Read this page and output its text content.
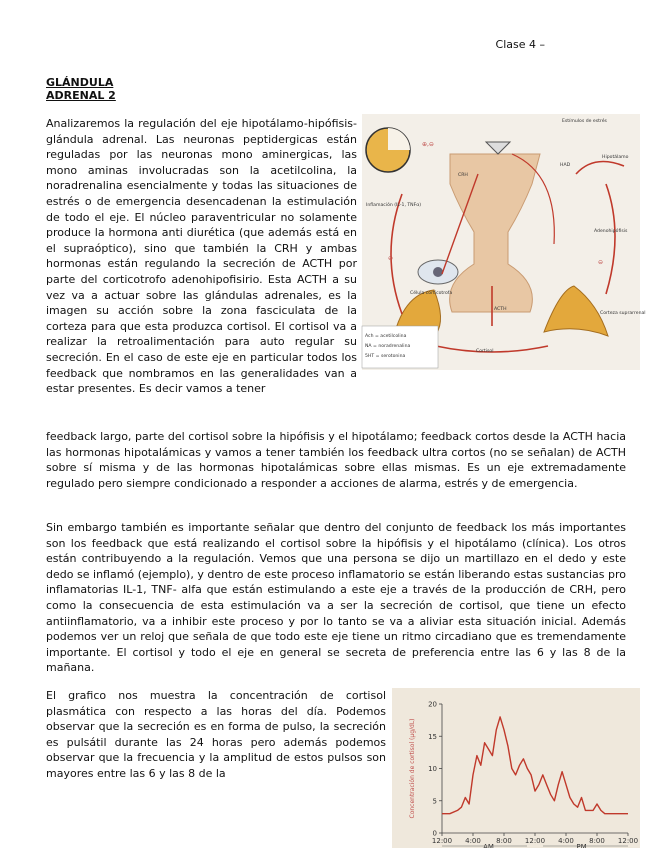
Clase 4 –
GLÁNDULA
ADRENAL 2

Analizaremos la regulación del eje hipotálamo-hipófisis- glándula adrenal. Las neuronas peptidergicas están reguladas por las neuronas mono aminergicas, las mono aminas involucradas son la acetilcolina, la noradrenalina esencialmente y todas las situaciones de estrés o de emergencia desencadenan la estimulación de todo el eje. El núcleo paraventricular no solamente produce la hormona anti diurética (que además está en el supraóptico), sino que también la CRH y ambas hormonas están regulando la secreción de ACTH por parte del corticotrofo adenohipofisirio. Esta ACTH a su vez va a actuar sobre las glándulas adrenales, es la imagen su acción sobre la zona fasciculata de la corteza para que esta produzca cortisol. El cortisol va a realizar la retroalimentación para auto regular su secreción. En el caso de este eje en particular todos los feedback que nombramos en las generalidades van a estar presentes. Es decir vamos a tener

Estímulos de estrés
Hipotálamo
CRH
HAD
Adenohipófisis
Inflamación (IL-1, TNFα)
Célula corticotrofa
ACTH
Corteza suprarrenal
Cortisol
⊕,⊖
⊖
⊖
Ach = acetilcolina
NA = noradrenalina
5HT = serotonina

feedback largo, parte del cortisol sobre la hipófisis y el hipotálamo; feedback cortos desde la ACTH hacia las hormonas hipotalámicas y vamos a tener también los feedback ultra cortos (no se señalan) de ACTH sobre sí misma y de las hormonas hipotalámicas sobre ellas mismas. Es un eje extremadamente regulado pero siempre condicionado a responder a acciones de alarma, estrés y de emergencia.

Sin embargo también es importante señalar que dentro del conjunto de feedback los más importantes son los feedback que está realizando el cortisol sobre la hipófisis y el hipotálamo (clínica). Los otros están contribuyendo a la regulación. Vemos que una persona se dijo un martillazo en el dedo y este dedo se inflamó (ejemplo), y dentro de este proceso inflamatorio se están liberando estas sustancias pro inflamatorias IL-1, TNF- alfa que están estimulando a este eje a través de la producción de CRH, pero como la consecuencia de esta estimulación va a ser la secreción de cortisol, que tiene un efecto antiinflamatorio, va a inhibir este proceso y por lo tanto se va a aliviar esta situación inicial. Además podemos ver un reloj que señala de que todo este eje tiene un ritmo circadiano que es tremendamente importante. El cortisol y todo el eje en general se secreta de preferencia entre las 6 y las 8 de la mañana.

El grafico nos muestra la concentración de cortisol plasmática con respecto a las horas del día. Podemos observar que la secreción es en forma de pulso, la secreción es pulsátil durante las 24 horas pero además podemos observar que la frecuencia y la amplitud de estos pulsos son mayores entre las 6 y las 8 de la

0
5
10
15
20
12:00 4:00 8:00 12:00 4:00 8:00 12:00
AM	PM
Concentración de cortisol (μg/dL)
